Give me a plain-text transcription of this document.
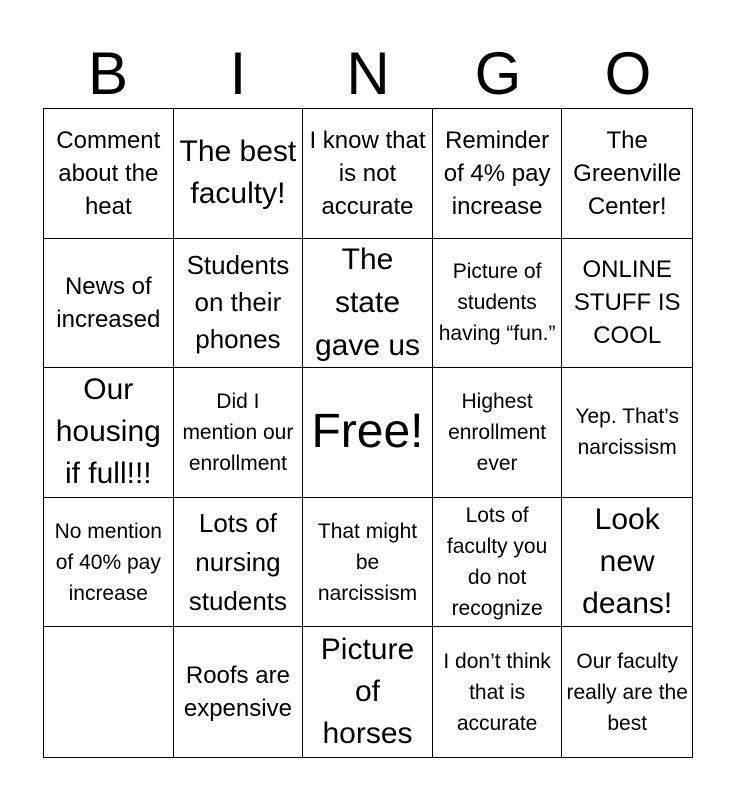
B	I	N	G	O
Comment about the heat
The best faculty!
I know that is not accurate
Reminder of 4% pay increase
The Greenville Center!
News of increased
Students on their phones
The state gave us
Picture of students having “fun.”
ONLINE STUFF IS COOL
Our housing if full!!!
Did I mention our enrollment
Free!
Highest enrollment ever
Yep. That’s narcissism
No mention of 40% pay increase
Lots of nursing students
That might be narcissism
Lots of faculty you do not recognize
Look new deans!
Roofs are expensive
Picture of horses
I don’t think that is accurate
Our faculty really are the best
